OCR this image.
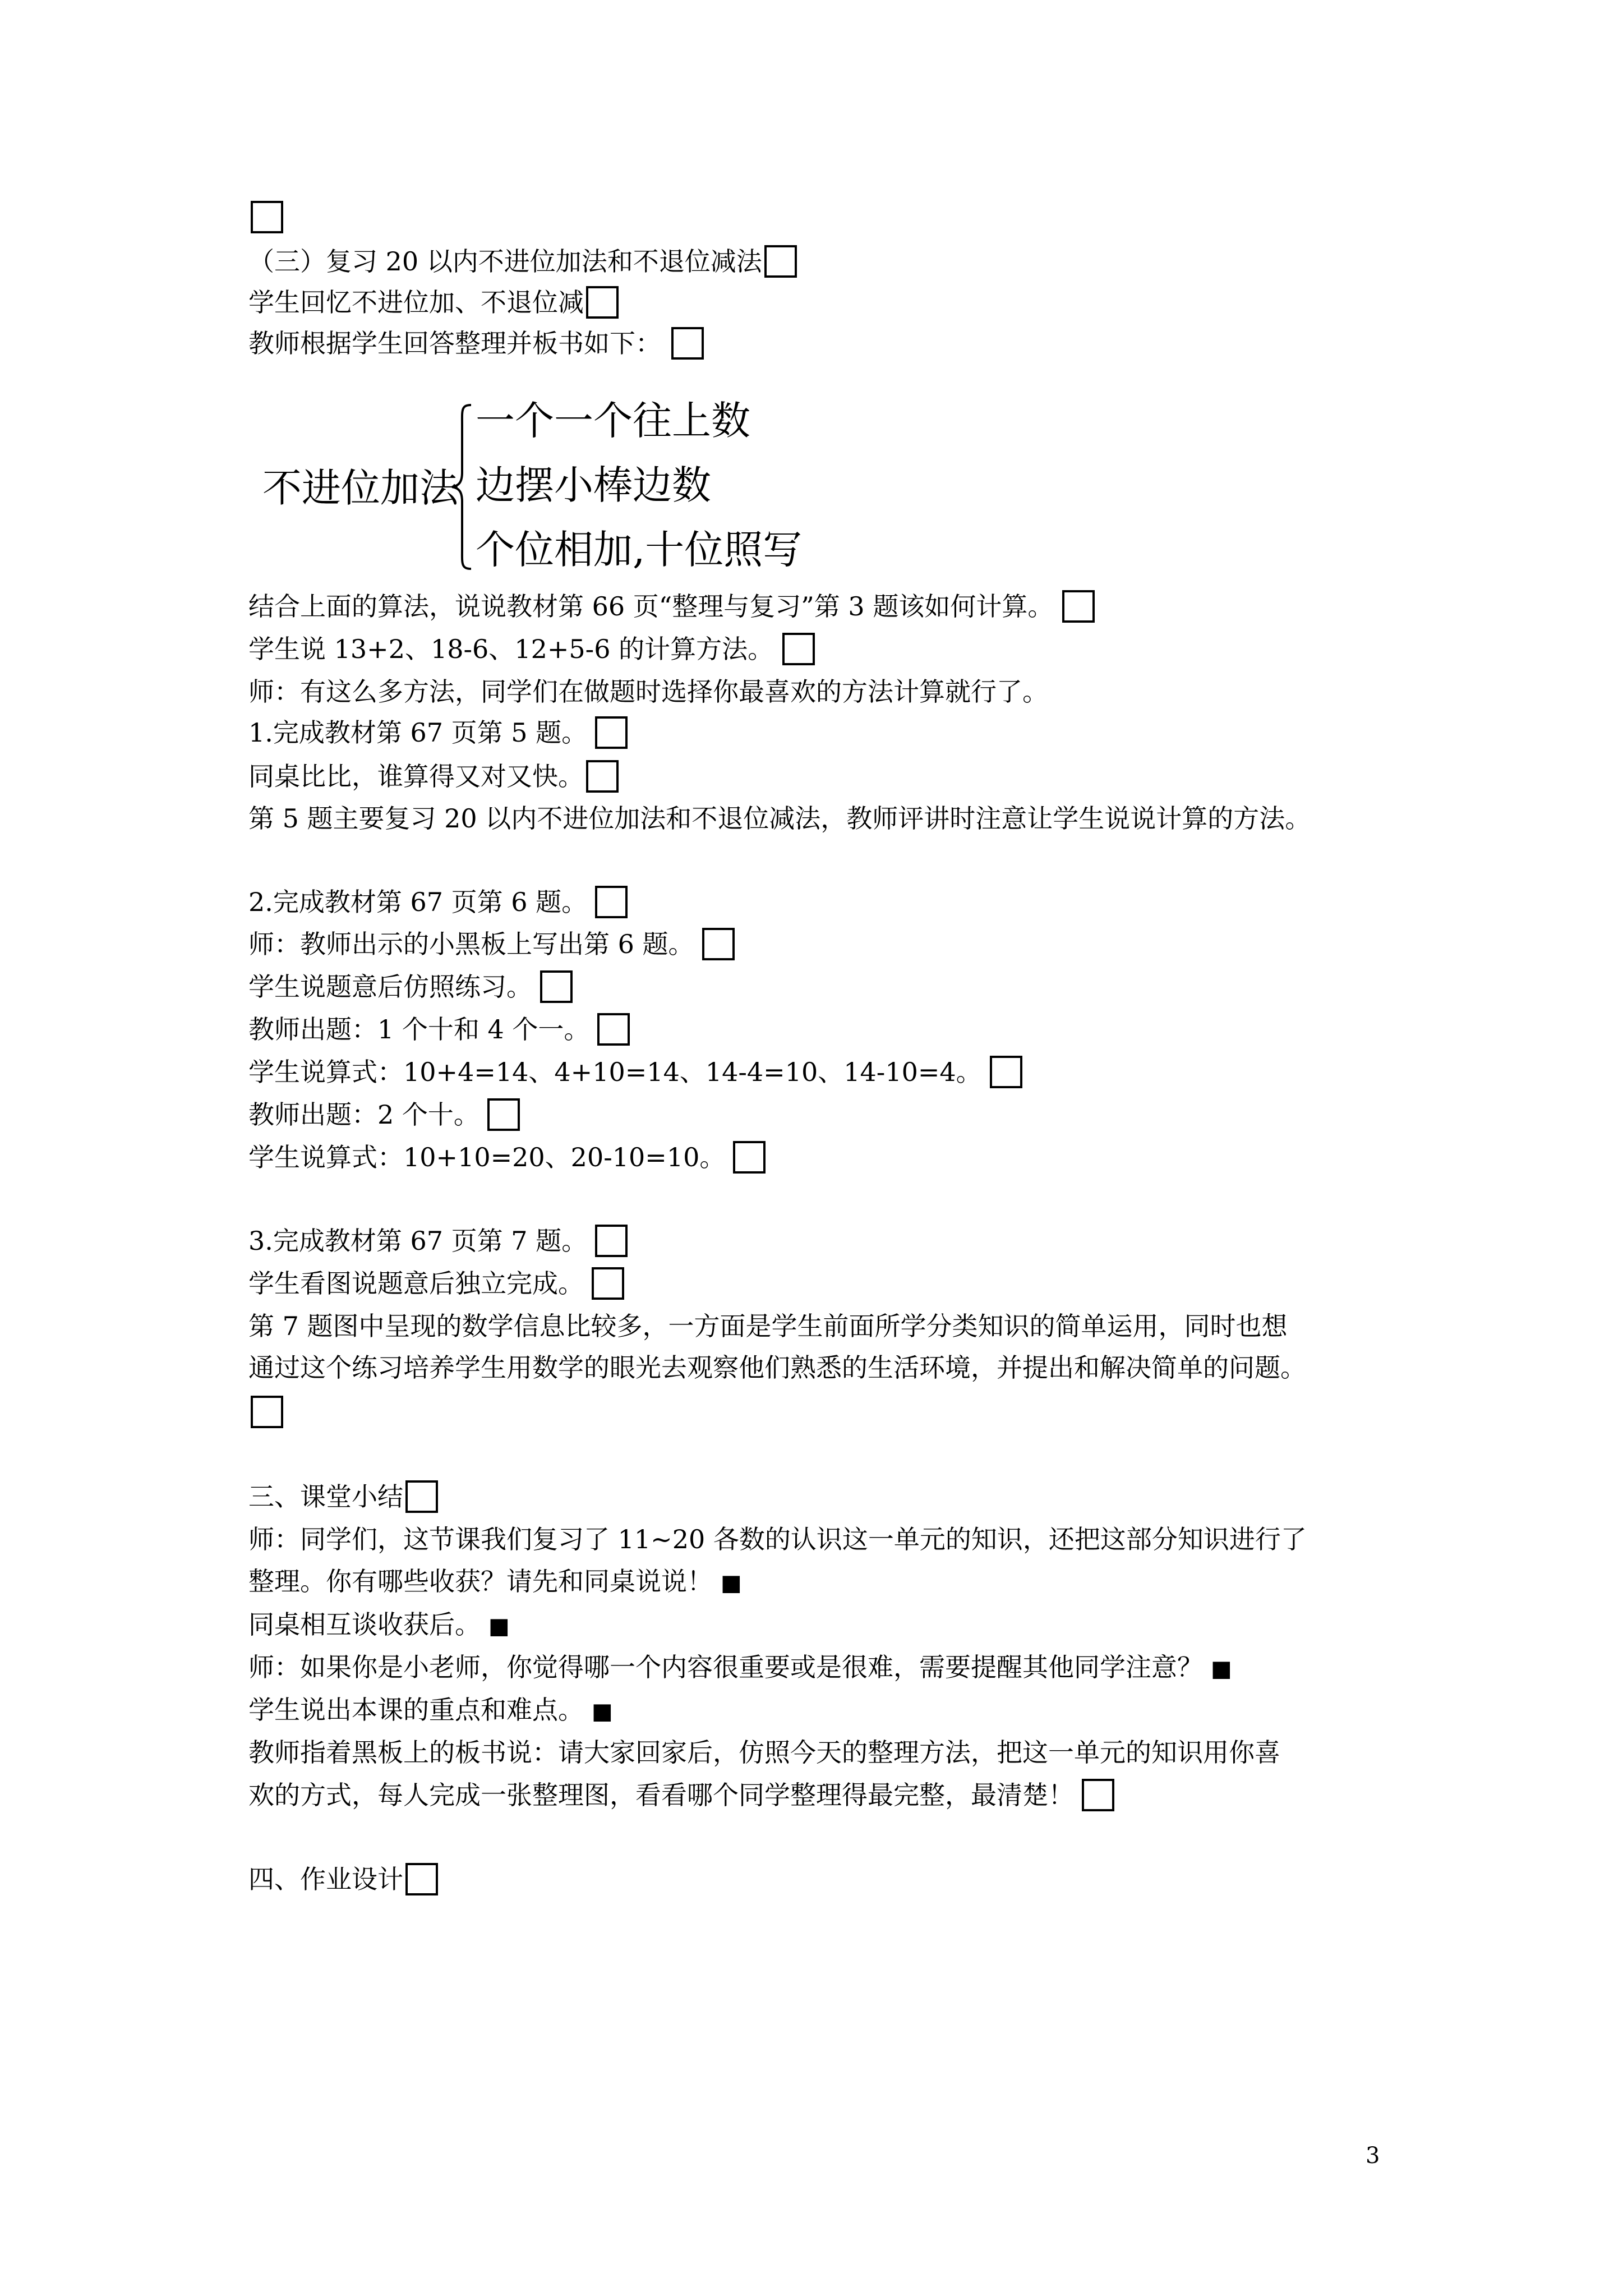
（三）复习 20 以内不进位加法和不退位减法
学生回忆不进位加、不退位减
教师根据学生回答整理并板书如下：
不进位加法
一个一个往上数
边摆小棒边数
个位相加,十位照写
结合上面的算法，说说教材第 66 页“整理与复习”第 3 题该如何计算。
学生说 13+2、18-6、12+5-6 的计算方法。
师：有这么多方法，同学们在做题时选择你最喜欢的方法计算就行了。
1.完成教材第 67 页第 5 题。
同桌比比，谁算得又对又快。
第 5 题主要复习 20 以内不进位加法和不退位减法，教师评讲时注意让学生说说计算的方法。
2.完成教材第 67 页第 6 题。
师：教师出示的小黑板上写出第 6 题。
学生说题意后仿照练习。
教师出题：1 个十和 4 个一。
学生说算式：10+4=14、4+10=14、14-4=10、14-10=4。
教师出题：2 个十。
学生说算式：10+10=20、20-10=10。
3.完成教材第 67 页第 7 题。
学生看图说题意后独立完成。
第 7 题图中呈现的数学信息比较多，一方面是学生前面所学分类知识的简单运用，同时也想
通过这个练习培养学生用数学的眼光去观察他们熟悉的生活环境，并提出和解决简单的问题。
三、课堂小结
师：同学们，这节课我们复习了 11~20 各数的认识这一单元的知识，还把这部分知识进行了
整理。你有哪些收获？请先和同桌说说！ ■
同桌相互谈收获后。 ■
师：如果你是小老师，你觉得哪一个内容很重要或是很难，需要提醒其他同学注意？ ■
学生说出本课的重点和难点。 ■
教师指着黑板上的板书说：请大家回家后，仿照今天的整理方法，把这一单元的知识用你喜
欢的方式，每人完成一张整理图，看看哪个同学整理得最完整，最清楚！
四、作业设计
3
